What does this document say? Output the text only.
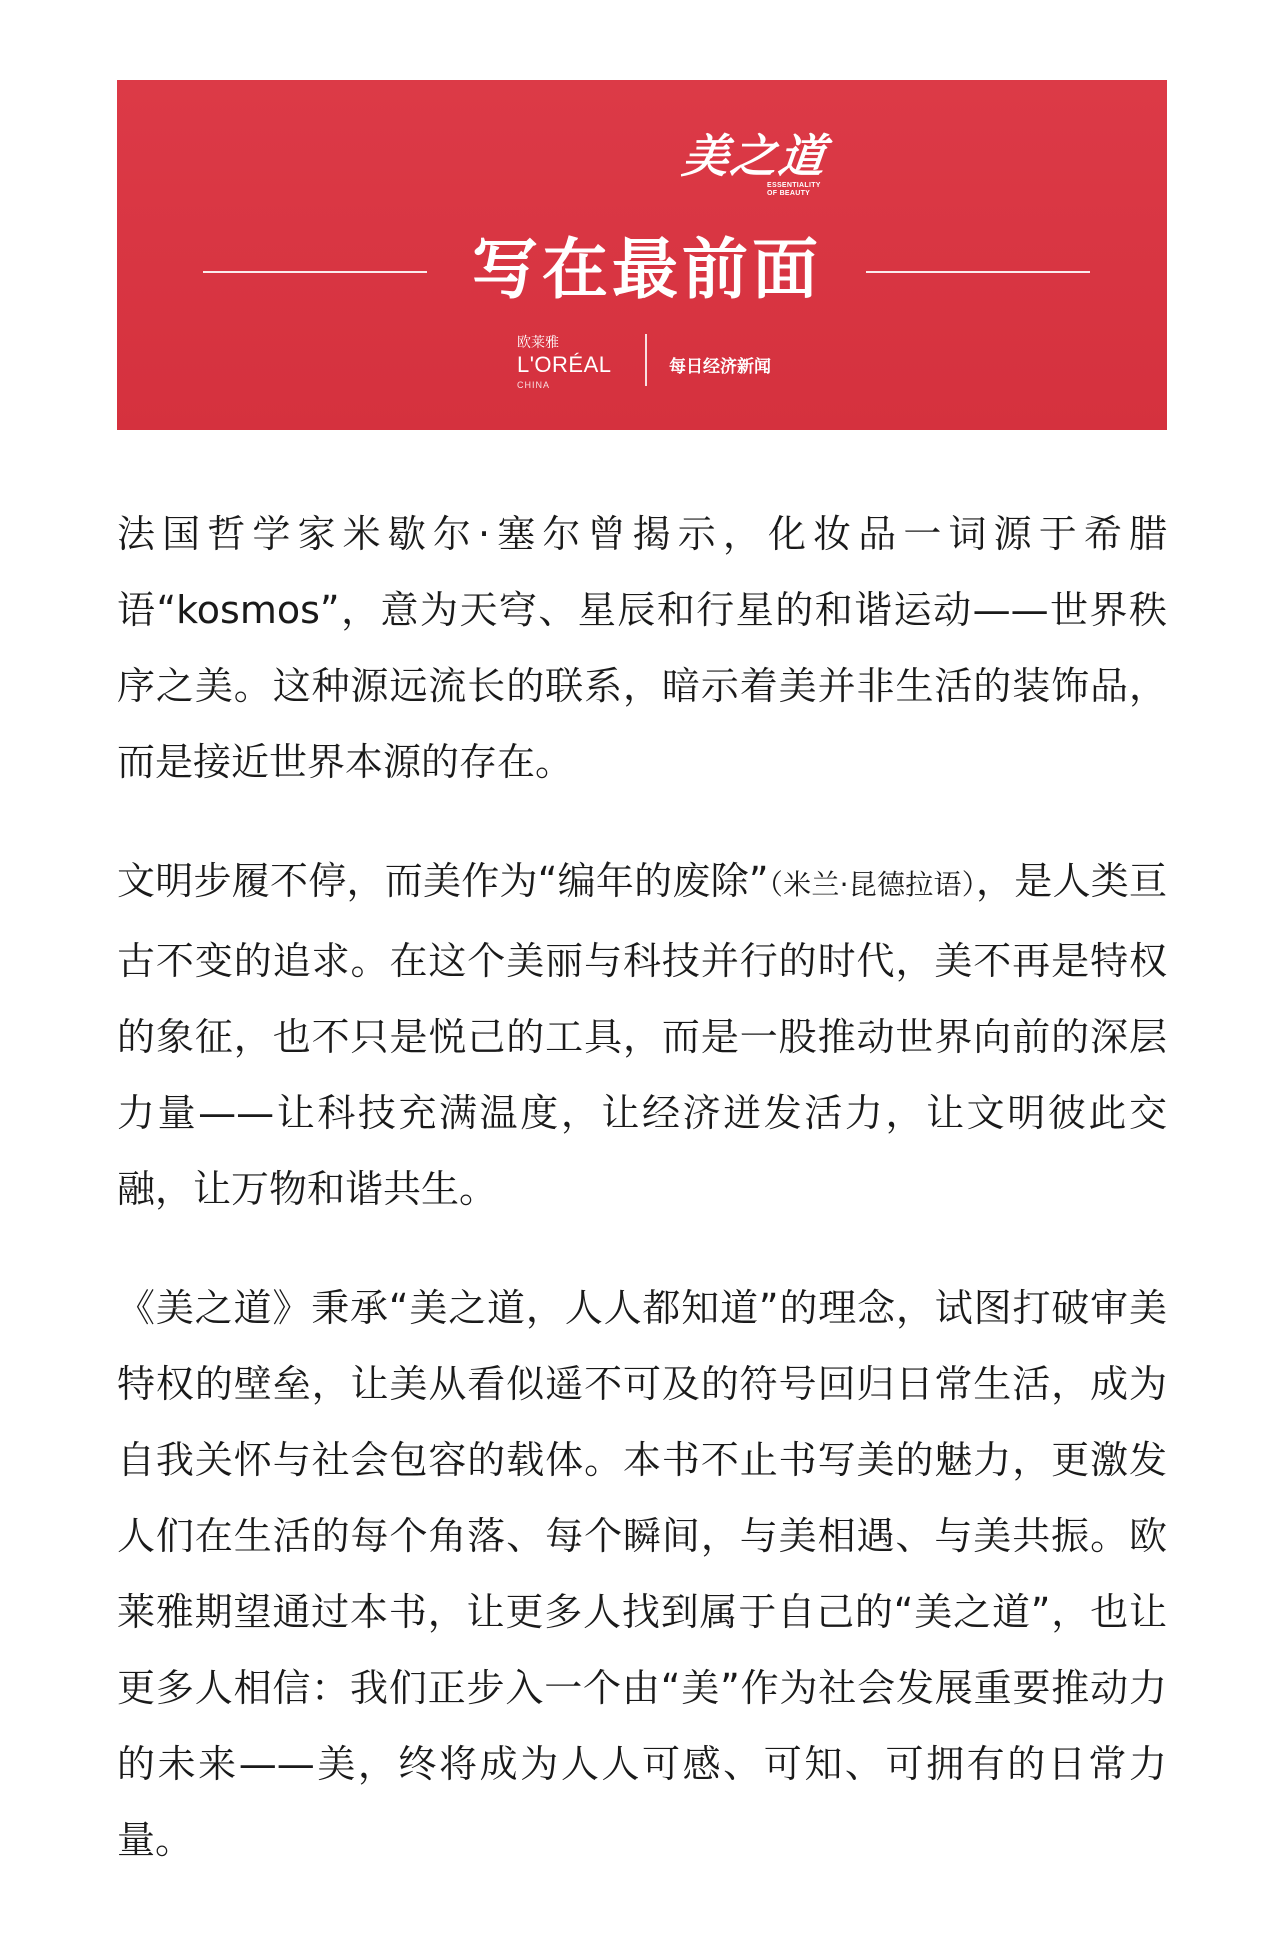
美之道
ESSENTIALITY
OF BEAUTY
写在最前面
欧莱雅
L'ORÉAL
CHINA
每日经济新闻

法国哲学家米歇尔·塞尔曾揭示，化妆品一词源于希腊语“kosmos”，意为天穹、星辰和行星的和谐运动——世界秩序之美。这种源远流长的联系，暗示着美并非生活的装饰品，而是接近世界本源的存在。

文明步履不停，而美作为“编年的废除”（米兰·昆德拉语），是人类亘古不变的追求。在这个美丽与科技并行的时代，美不再是特权的象征，也不只是悦己的工具，而是一股推动世界向前的深层力量——让科技充满温度，让经济迸发活力，让文明彼此交融，让万物和谐共生。

《美之道》秉承“美之道，人人都知道”的理念，试图打破审美特权的壁垒，让美从看似遥不可及的符号回归日常生活，成为自我关怀与社会包容的载体。本书不止书写美的魅力，更激发人们在生活的每个角落、每个瞬间，与美相遇、与美共振。欧莱雅期望通过本书，让更多人找到属于自己的“美之道”，也让更多人相信：我们正步入一个由“美”作为社会发展重要推动力的未来——美，终将成为人人可感、可知、可拥有的日常力量。
